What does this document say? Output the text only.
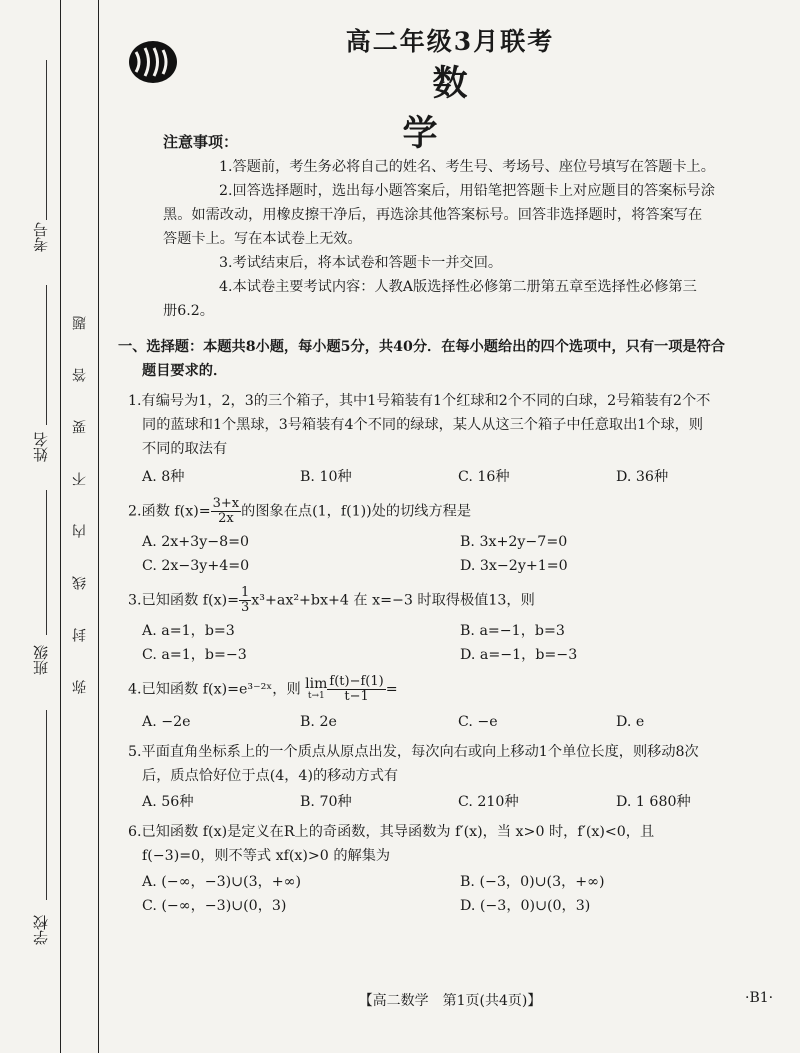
考号
姓名
班级
学校
弥
封
线
内
不
要
答
题
高二年级3月联考
数　学
注意事项：
1.答题前，考生务必将自己的姓名、考生号、考场号、座位号填写在答题卡上。
2.回答选择题时，选出每小题答案后，用铅笔把答题卡上对应题目的答案标号涂
黑。如需改动，用橡皮擦干净后，再选涂其他答案标号。回答非选择题时，将答案写在
答题卡上。写在本试卷上无效。
3.考试结束后，将本试卷和答题卡一并交回。
4.本试卷主要考试内容：人教A版选择性必修第二册第五章至选择性必修第三
册6.2。
一、选择题：本题共8小题，每小题5分，共40分．在每小题给出的四个选项中，只有一项是符合
题目要求的．
1.有编号为1，2，3的三个箱子，其中1号箱装有1个红球和2个不同的白球，2号箱装有2个不
同的蓝球和1个黑球，3号箱装有4个不同的绿球，某人从这三个箱子中任意取出1个球，则
不同的取法有
A. 8种	B. 10种	C. 16种	D. 36种
2.函数 $f(x)= \frac{3+x}{2x}$ 的图象在点(1，f(1))处的切线方程是
A. 2x+3y−8=0	B. 3x+2y−7=0
C. 2x−3y+4=0	D. 3x−2y+1=0
3.已知函数 $f(x)= \frac{1}{3} x^3+ax^2+bx+4$ 在 x=−3 时取得极值13，则
A. a=1，b=3	B. a=−1，b=3
C. a=1，b=−3	D. a=−1，b=−3
4.已知函数 f(x)=e³⁻²ˣ，则 lim
$t\to 1 \frac{f(t)-f(1)}{t-1}$ =
A. −2e	B. 2e	C. −e	D. e
5.平面直角坐标系上的一个质点从原点出发，每次向右或向上移动1个单位长度，则移动8次
后，质点恰好位于点(4，4)的移动方式有
A. 56种	B. 70种	C. 210种	D. 1 680种
6.已知函数 f(x)是定义在R上的奇函数，其导函数为 f′(x)，当 x>0 时，f′(x)<0，且
f(−3)=0，则不等式 xf(x)>0 的解集为
A. (−∞，−3)∪(3，+∞)	B. (−3，0)∪(3，+∞)
C. (−∞，−3)∪(0，3)	D. (−3，0)∪(0，3)
【高二数学　第1页(共4页)】	·B1·
